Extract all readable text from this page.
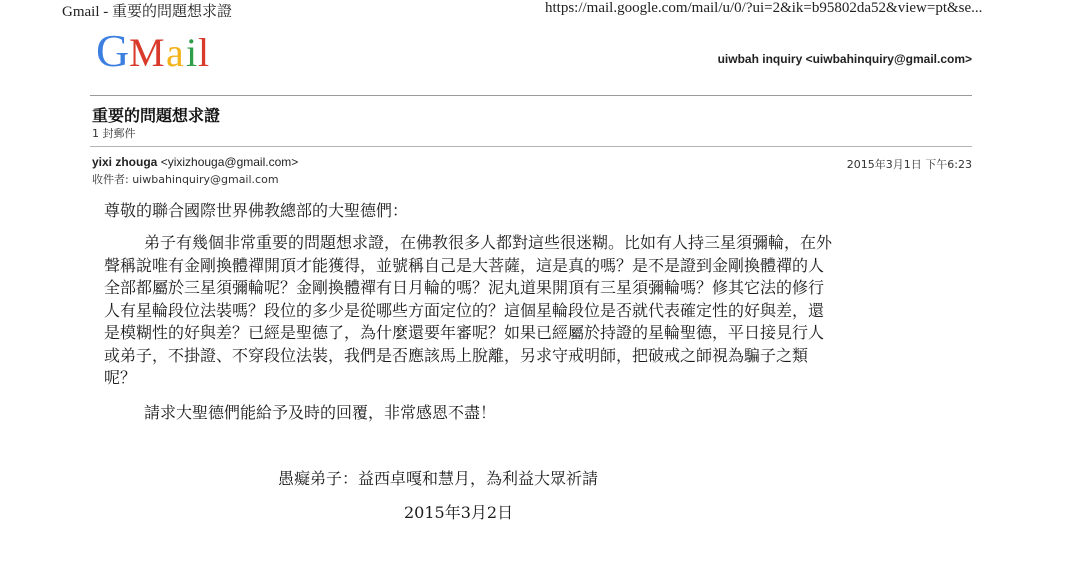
Gmail - 重要的問題想求證	https://mail.google.com/mail/u/0/?ui=2&ik=b95802da52&view=pt&se...
G M a i l	uiwbah inquiry <uiwbahinquiry@gmail.com>
重要的問題想求證
1 封郵件
yixi zhouga <yixizhouga@gmail.com>
收件者: uiwbahinquiry@gmail.com
2015年3月1日 下午6:23
尊敬的聯合國際世界佛教總部的大聖德們：
弟子有幾個非常重要的問題想求證，在佛教很多人都對這些很迷糊。比如有人持三星須彌輪，在外
聲稱說唯有金剛換體禪開頂才能獲得，並號稱自己是大菩薩，這是真的嗎？是不是證到金剛換體禪的人
全部都屬於三星須彌輪呢？金剛換體禪有日月輪的嗎？泥丸道果開頂有三星須彌輪嗎？修其它法的修行
人有星輪段位法裝嗎？段位的多少是從哪些方面定位的？這個星輪段位是否就代表確定性的好與差，還
是模糊性的好與差？已經是聖德了，為什麼還要年審呢？如果已經屬於持證的星輪聖德，平日接見行人
或弟子，不掛證、不穿段位法裝，我們是否應該馬上脫離，另求守戒明師，把破戒之師視為騙子之類
呢？
請求大聖德們能給予及時的回覆，非常感恩不盡！
愚癡弟子：益西卓嘎和慧月，為利益大眾祈請
2015年3月2日
